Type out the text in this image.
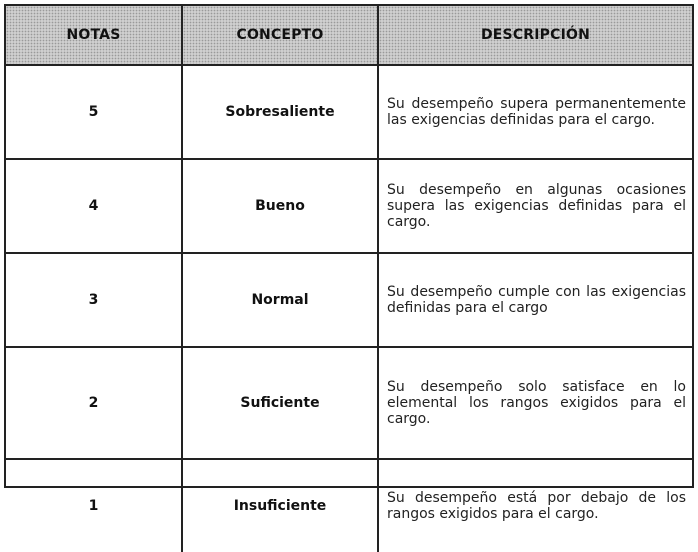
NOTAS	CONCEPTO	DESCRIPCIÓN
5	Sobresaliente	Su desempeño supera permanentemente las exigencias definidas para el cargo.
4	Bueno	Su desempeño en algunas ocasiones supera las exigencias definidas para el cargo.
3	Normal	Su desempeño cumple con las exigencias definidas para el cargo
2	Suficiente	Su desempeño solo satisface en lo elemental los rangos exigidos para el cargo.
1	Insuficiente	Su desempeño está por debajo de los rangos exigidos para el cargo.
